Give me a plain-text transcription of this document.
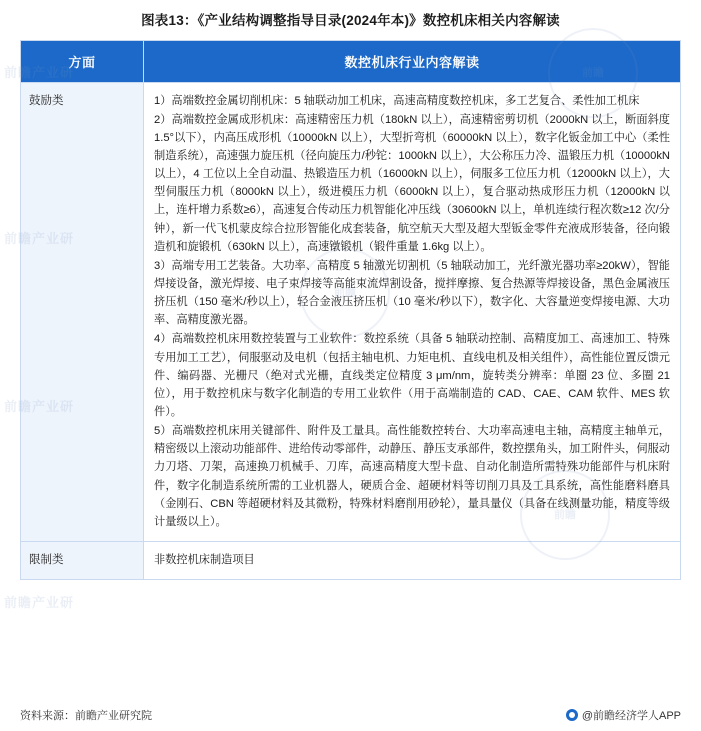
图表13：《产业结构调整指导目录(2024年本)》数控机床相关内容解读
方面	数控机床行业内容解读
鼓励类	1）高端数控金属切削机床：5 轴联动加工机床，高速高精度数控机床，多工艺复合、柔性加工机床

2）高端数控金属成形机床：高速精密压力机（180kN 以上），高速精密剪切机（2000kN 以上，断面斜度 1.5°以下），内高压成形机（10000kN 以上），大型折弯机（60000kN 以上），数字化钣金加工中心（柔性制造系统），高速强力旋压机（径向旋压力/秒铊：1000kN 以上），大公称压力冷、温锻压力机（10000kN 以上），4 工位以上全自动温、热锻造压力机（16000kN 以上），伺服多工位压力机（12000kN 以上），大型伺服压力机（8000kN 以上），级进模压力机（6000kN 以上），复合驱动热成形压力机（12000kN 以上，连杆增力系数≥6），高速复合传动压力机智能化冲压线（30600kN 以上，单机连续行程次数≥12 次/分钟），新一代飞机蒙皮综合拉形智能化成套装备，航空航天大型及超大型钣金零件充液成形装备，径向锻造机和旋锻机（630kN 以上），高速镦锻机（锻件重量 1.6kg 以上）。

3）高端专用工艺装备。大功率、高精度 5 轴激光切割机（5 轴联动加工，光纤激光器功率≥20kW），智能焊接设备，激光焊接、电子束焊接等高能束流焊割设备，搅拌摩擦、复合热源等焊接设备，黑色金属液压挤压机（150 毫米/秒以上），轻合金液压挤压机（10 毫米/秒以下），数字化、大容量逆变焊接电源、大功率、高精度激光器。

4）高端数控机床用数控装置与工业软件：数控系统（具备 5 轴联动控制、高精度加工、高速加工、特殊专用加工工艺），伺服驱动及电机（包括主轴电机、力矩电机、直线电机及相关组件），高性能位置反馈元件、编码器、光栅尺（绝对式光栅，直线类定位精度 3 μm/nm，旋转类分辨率：单圈 23 位、多圈 21 位），用于数控机床与数字化制造的专用工业软件（用于高端制造的 CAD、CAE、CAM 软件、MES 软件）。

5）高端数控机床用关键部件、附件及工量具。高性能数控转台、大功率高速电主轴，高精度主轴单元，精密级以上滚动功能部件、进给传动零部件，动静压、静压支承部件，数控摆角头，加工附件头，伺服动力刀塔、刀架，高速换刀机械手、刀库，高速高精度大型卡盘、自动化制造所需特殊功能部件与机床附件，数字化制造系统所需的工业机器人，硬质合金、超硬材料等切削刀具及工具系统，高性能磨料磨具（金刚石、CBN 等超硬材料及其微粉，特殊材料磨削用砂轮），量具量仪（具备在线测量功能，精度等级计量级以上）。

限制类	非数控机床制造项目

资料来源：前瞻产业研究院	@前瞻经济学人APP
前瞻产业研
